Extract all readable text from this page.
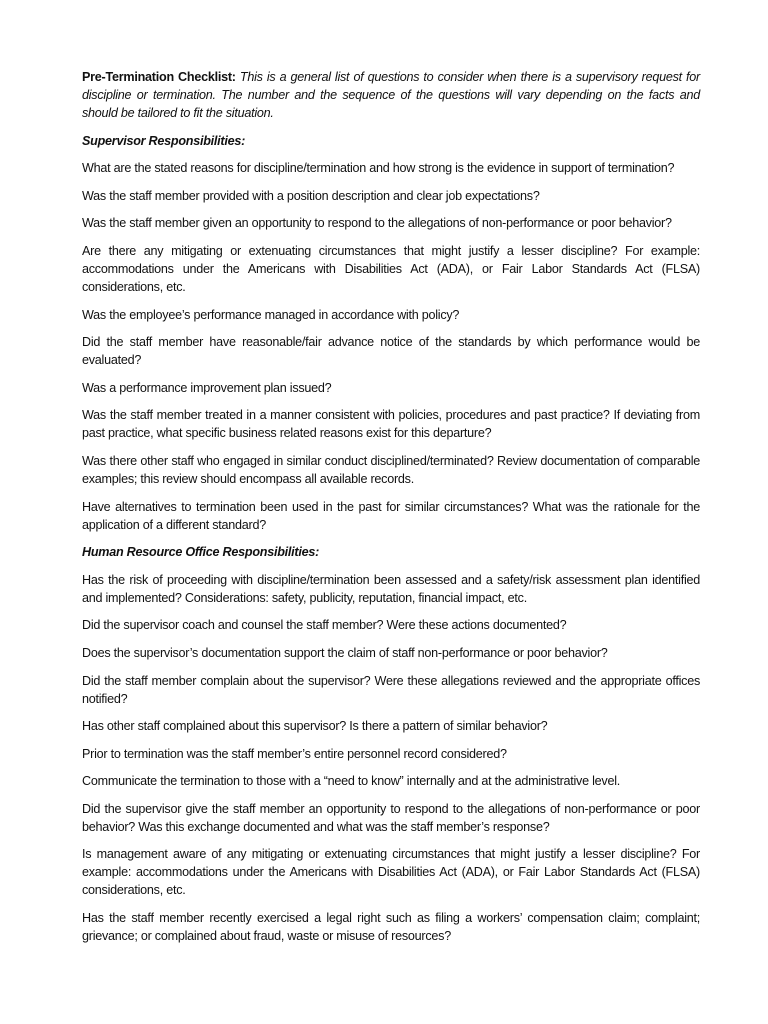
Pre-Termination Checklist: This is a general list of questions to consider when there is a supervisory request for discipline or termination. The number and the sequence of the questions will vary depending on the facts and should be tailored to fit the situation.

Supervisor Responsibilities:

What are the stated reasons for discipline/termination and how strong is the evidence in support of termination?

Was the staff member provided with a position description and clear job expectations?

Was the staff member given an opportunity to respond to the allegations of non-performance or poor behavior?

Are there any mitigating or extenuating circumstances that might justify a lesser discipline? For example: accommodations under the Americans with Disabilities Act (ADA), or Fair Labor Standards Act (FLSA) considerations, etc.

Was the employee’s performance managed in accordance with policy?

Did the staff member have reasonable/fair advance notice of the standards by which performance would be evaluated?

Was a performance improvement plan issued?

Was the staff member treated in a manner consistent with policies, procedures and past practice? If deviating from past practice, what specific business related reasons exist for this departure?

Was there other staff who engaged in similar conduct disciplined/terminated? Review documentation of comparable examples; this review should encompass all available records.

Have alternatives to termination been used in the past for similar circumstances? What was the rationale for the application of a different standard?

Human Resource Office Responsibilities:

Has the risk of proceeding with discipline/termination been assessed and a safety/risk assessment plan identified and implemented? Considerations: safety, publicity, reputation, financial impact, etc.

Did the supervisor coach and counsel the staff member? Were these actions documented?

Does the supervisor’s documentation support the claim of staff non-performance or poor behavior?

Did the staff member complain about the supervisor? Were these allegations reviewed and the appropriate offices notified?

Has other staff complained about this supervisor? Is there a pattern of similar behavior?

Prior to termination was the staff member’s entire personnel record considered?

Communicate the termination to those with a “need to know” internally and at the administrative level.

Did the supervisor give the staff member an opportunity to respond to the allegations of non-performance or poor behavior? Was this exchange documented and what was the staff member’s response?

Is management aware of any mitigating or extenuating circumstances that might justify a lesser discipline? For example: accommodations under the Americans with Disabilities Act (ADA), or Fair Labor Standards Act (FLSA) considerations, etc.

Has the staff member recently exercised a legal right such as filing a workers’ compensation claim; complaint; grievance; or complained about fraud, waste or misuse of resources?
